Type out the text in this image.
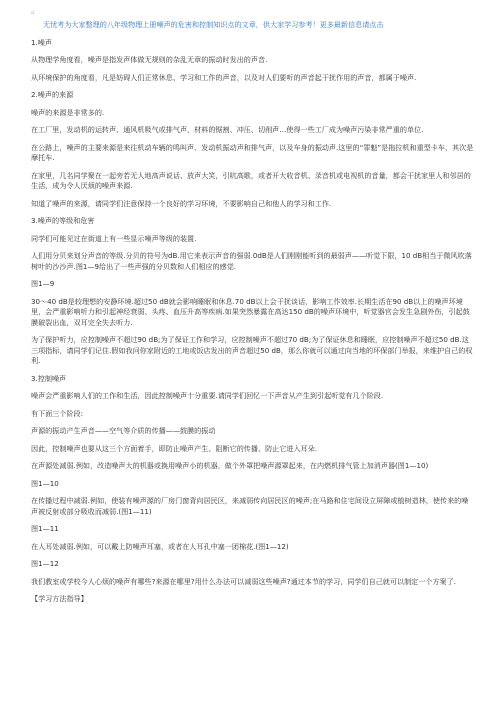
▫

无忧考为大家整理的八年级物理上册噪声的危害和控制知识点的文章，供大家学习参考！更多最新信息请点击

1.噪声

从物理学角度看，噪声是指发声体做无规则的杂乱无章的振动时发出的声音.

从环境保护的角度看，凡是妨碍人们正常休息、学习和工作的声音，以及对人们要听的声音起干扰作用的声音，都属于噪声.

2.噪声的来源

噪声的来源是非常多的.

在工厂里，发动机的运转声、通风机吸气或排气声，材料的锯割、冲压、切削声…使得一些工厂成为噪声污染非常严重的单位.

在公路上，噪声的主要来源是来往机动车辆的鸣叫声、发动机振动声和排气声，以及车身的振动声.这里的“罪魁”是拖拉机和重型卡车，其次是摩托车.

在家里，几名同学聚在一起旁若无人地高声说话、放声大笑，引吭高歌，或者开大收音机、录音机或电视机的音量，都会干扰家里人和邻居的生活，成为令人厌烦的噪声来源.

知道了噪声的来源，请同学们注意保持一个良好的学习环境，不要影响自己和他人的学习和工作.

3.噪声的等级和危害

同学们可能见过在街道上有一些显示噪声等级的装置.

人们用分贝来划分声音的等级.分贝的符号为dB.用它来表示声音的强弱.0dB是人们刚刚能听到的最弱声——听觉下限，10 dB相当于微风吹落树叶的沙沙声.图1—9给出了一些声强的分贝数和人们相应的感觉.

图1—9

30～40 dB是较理想的安静环境.超过50 dB就会影响睡眠和休息.70 dB以上会干扰谈话，影响工作效率.长期生活在90 dB以上的噪声环境里，会严重影响听力和引起神经衰弱、头疼、血压升高等疾病.如果突然暴露在高达150 dB的噪声环境中，听觉器官会发生急剧外伤，引起鼓膜破裂出血，双耳完全失去听力.

为了保护听力，应控制噪声不超过90 dB;为了保证工作和学习，应控制噪声不超过70 dB;为了保证休息和睡眠，应控制噪声不超过50 dB.这三项指标，请同学们记住.假如我问你家附近的工地或饭店发出的声音超过50 dB，那么你就可以通过向当地的环保部门举报，来维护自己的权利.

3.控制噪声

噪声会严重影响人们的工作和生活，因此控制噪声十分重要.请同学们回忆一下声音从产生到引起听觉有几个阶段.

有下面三个阶段:

声源的振动产生声音——空气等介质的传播——鼓膜的振动

因此，控制噪声也要从这三个方面着手，即防止噪声产生、阻断它的传播、防止它进入耳朵.

在声源处减弱.例如，改造噪声大的机器或换用噪声小的机器，做个外罩把噪声源罩起来，在内燃机排气管上加消声器(图1—10)

图1—10

在传播过程中减弱.例如，使装有噪声源的厂房门窗背向居民区，来减弱传向居民区的噪声;在马路和住宅间设立屏障或植树造林，使传来的噪声被反射或部分吸收而减弱.(图1—11)

图1—11

在人耳处减弱.例如，可以戴上防噪声耳塞，或者在人耳孔中塞一团棉花.(图1—12)

图1—12

我们教室或学校今人心烦的噪声有哪些?来源在哪里?用什么办法可以减弱这些噪声?通过本节的学习，同学们自己就可以制定一个方案了.

【学习方法指导】
